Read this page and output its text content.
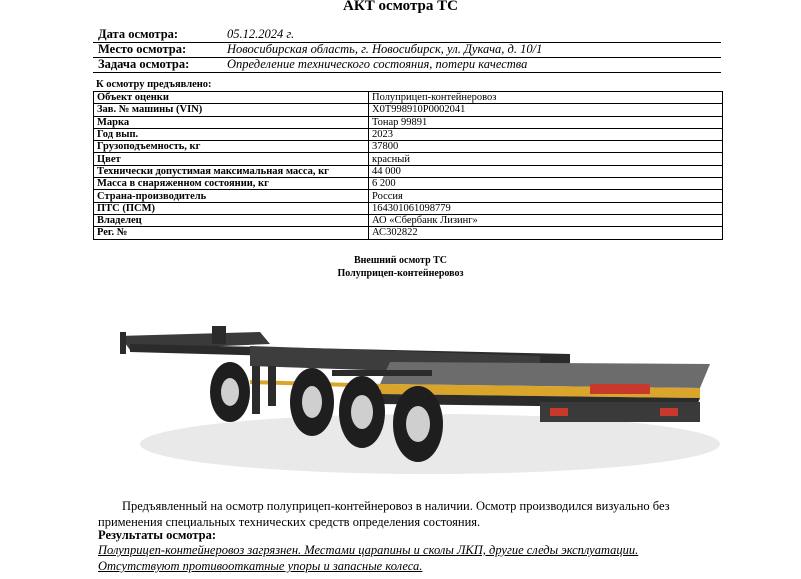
АКТ осмотра ТС
Дата осмотра:	05.12.2024 г.
Место осмотра:	Новосибирская область, г. Новосибирск, ул. Дукача, д. 10/1
Задача осмотра:	Определение технического состояния, потери качества
К осмотру предъявлено:
Объект оценки	Полуприцеп-контейнеровоз
Зав. № машины (VIN)	X0T998910P0002041
Марка	Тонар 99891
Год вып.	2023
Грузоподъемность, кг	37800
Цвет	красный
Технически допустимая максимальная масса, кг	44 000
Масса в снаряженном состоянии, кг	6 200
Страна-производитель	Россия
ПТС (ПСМ)	164301061098779
Владелец	АО «Сбербанк Лизинг»
Рег. №	АС302822
Внешний осмотр ТС
Полуприцеп-контейнеровоз
Предъявленный на осмотр полуприцеп-контейнеровоз в наличии. Осмотр производился визуально без применения специальных технических средств определения состояния.
Результаты осмотра:
Полуприцеп-контейнеровоз загрязнен. Местами царапины и сколы ЛКП, другие следы эксплуатации. Отсутствуют противооткатные упоры и запасные колеса.
